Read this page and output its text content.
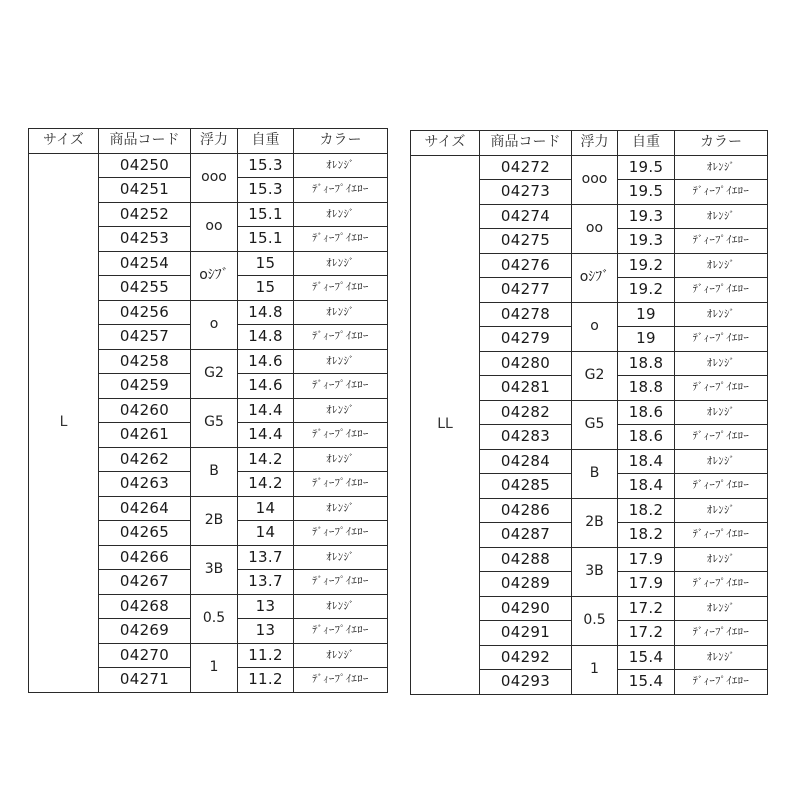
サイズ	商品コード	浮力	自重	カラー
L	04250	ooo	15.3	ｵﾚﾝｼﾞ
	04251		15.3	ﾃﾞｨｰﾌﾟｲｴﾛｰ
	04252	oo	15.1	ｵﾚﾝｼﾞ
	04253		15.1	ﾃﾞｨｰﾌﾟｲｴﾛｰ
	04254	oｼﾌﾞ	15	ｵﾚﾝｼﾞ
	04255		15	ﾃﾞｨｰﾌﾟｲｴﾛｰ
	04256	o	14.8	ｵﾚﾝｼﾞ
	04257		14.8	ﾃﾞｨｰﾌﾟｲｴﾛｰ
	04258	G2	14.6	ｵﾚﾝｼﾞ
	04259		14.6	ﾃﾞｨｰﾌﾟｲｴﾛｰ
	04260	G5	14.4	ｵﾚﾝｼﾞ
	04261		14.4	ﾃﾞｨｰﾌﾟｲｴﾛｰ
	04262	B	14.2	ｵﾚﾝｼﾞ
	04263		14.2	ﾃﾞｨｰﾌﾟｲｴﾛｰ
	04264	2B	14	ｵﾚﾝｼﾞ
	04265		14	ﾃﾞｨｰﾌﾟｲｴﾛｰ
	04266	3B	13.7	ｵﾚﾝｼﾞ
	04267		13.7	ﾃﾞｨｰﾌﾟｲｴﾛｰ
	04268	0.5	13	ｵﾚﾝｼﾞ
	04269		13	ﾃﾞｨｰﾌﾟｲｴﾛｰ
	04270	1	11.2	ｵﾚﾝｼﾞ
	04271		11.2	ﾃﾞｨｰﾌﾟｲｴﾛｰ
サイズ	商品コード	浮力	自重	カラー
LL	04272	ooo	19.5	ｵﾚﾝｼﾞ
	04273		19.5	ﾃﾞｨｰﾌﾟｲｴﾛｰ
	04274	oo	19.3	ｵﾚﾝｼﾞ
	04275		19.3	ﾃﾞｨｰﾌﾟｲｴﾛｰ
	04276	oｼﾌﾞ	19.2	ｵﾚﾝｼﾞ
	04277		19.2	ﾃﾞｨｰﾌﾟｲｴﾛｰ
	04278	o	19	ｵﾚﾝｼﾞ
	04279		19	ﾃﾞｨｰﾌﾟｲｴﾛｰ
	04280	G2	18.8	ｵﾚﾝｼﾞ
	04281		18.8	ﾃﾞｨｰﾌﾟｲｴﾛｰ
	04282	G5	18.6	ｵﾚﾝｼﾞ
	04283		18.6	ﾃﾞｨｰﾌﾟｲｴﾛｰ
	04284	B	18.4	ｵﾚﾝｼﾞ
	04285		18.4	ﾃﾞｨｰﾌﾟｲｴﾛｰ
	04286	2B	18.2	ｵﾚﾝｼﾞ
	04287		18.2	ﾃﾞｨｰﾌﾟｲｴﾛｰ
	04288	3B	17.9	ｵﾚﾝｼﾞ
	04289		17.9	ﾃﾞｨｰﾌﾟｲｴﾛｰ
	04290	0.5	17.2	ｵﾚﾝｼﾞ
	04291		17.2	ﾃﾞｨｰﾌﾟｲｴﾛｰ
	04292	1	15.4	ｵﾚﾝｼﾞ
	04293		15.4	ﾃﾞｨｰﾌﾟｲｴﾛｰ
